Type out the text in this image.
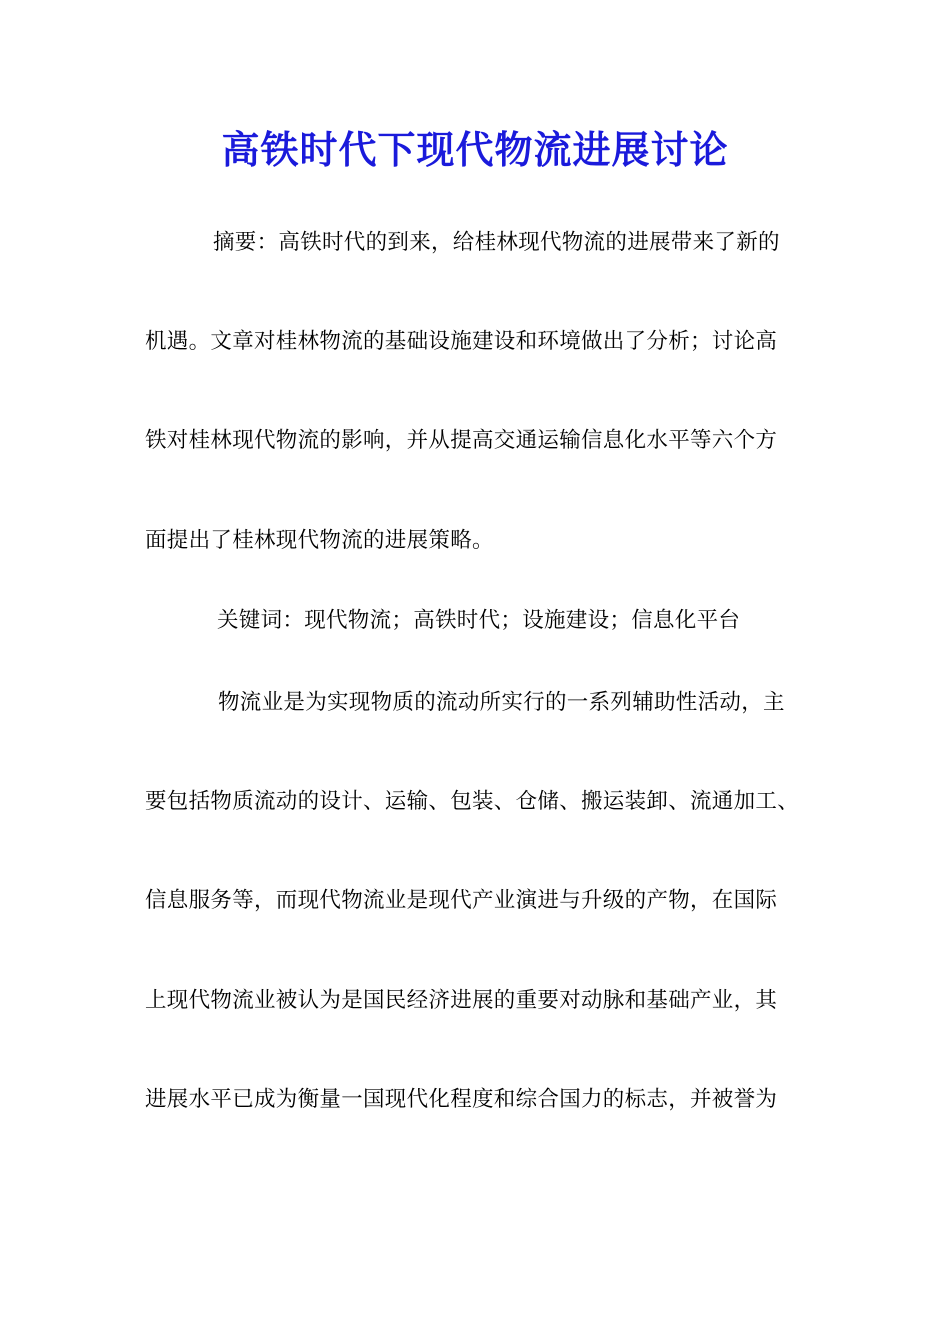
高铁时代下现代物流进展讨论
摘要：高铁时代的到来，给桂林现代物流的进展带来了新的
机遇。文章对桂林物流的基础设施建设和环境做出了分析；讨论高
铁对桂林现代物流的影响，并从提高交通运输信息化水平等六个方
面提出了桂林现代物流的进展策略。
关键词：现代物流；高铁时代；设施建设；信息化平台
物流业是为实现物质的流动所实行的一系列辅助性活动，主
要包括物质流动的设计、运输、包装、仓储、搬运装卸、流通加工、
信息服务等，而现代物流业是现代产业演进与升级的产物，在国际
上现代物流业被认为是国民经济进展的重要对动脉和基础产业，其
进展水平已成为衡量一国现代化程度和综合国力的标志，并被誉为
